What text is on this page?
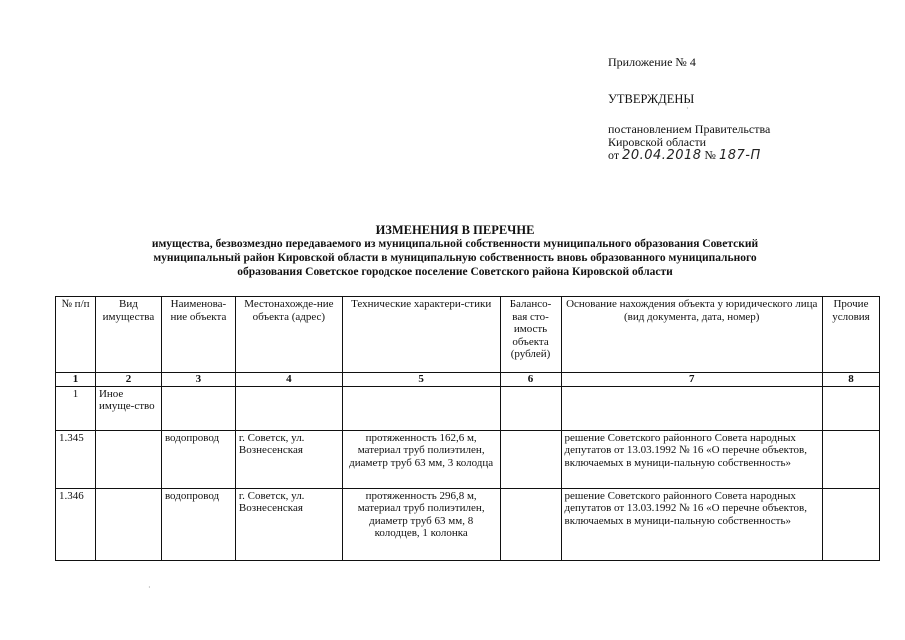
Приложение № 4
УТВЕРЖДЕНЫ
постановлением Правительства
Кировской области
от 20.04.2018 № 187-П
ИЗМЕНЕНИЯ В ПЕРЕЧНЕ
имущества, безвозмездно передаваемого из муниципальной собственности муниципального образования Советский
муниципальный район Кировской области в муниципальную собственность вновь образованного муниципального
образования Советское городское поселение Советского района Кировской области
№ п/п	Вид имущества	Наименова-ние объекта	Местонахожде-ние объекта (адрес)	Технические характери-стики	Балансо-вая сто-имость объекта (рублей)	Основание нахождения объекта у юридического лица (вид документа, дата, номер)	Прочие условия
1	2	3	4	5	6	7	8
1	Иное имуще-ство						
1.345		водопровод	г. Советск, ул. Вознесенская	протяженность 162,6 м, материал труб полиэтилен, диаметр труб 63 мм, 3 колодца		решение Советского районного Совета народных депутатов от 13.03.1992 № 16 «О перечне объектов, включаемых в муници-пальную собственность»	
1.346		водопровод	г. Советск, ул. Вознесенская	протяженность 296,8 м, материал труб полиэтилен, диаметр труб 63 мм, 8 колодцев, 1 колонка		решение Советского районного Совета народных депутатов от 13.03.1992 № 16 «О перечне объектов, включаемых в муници-пальную собственность»	
·
·
